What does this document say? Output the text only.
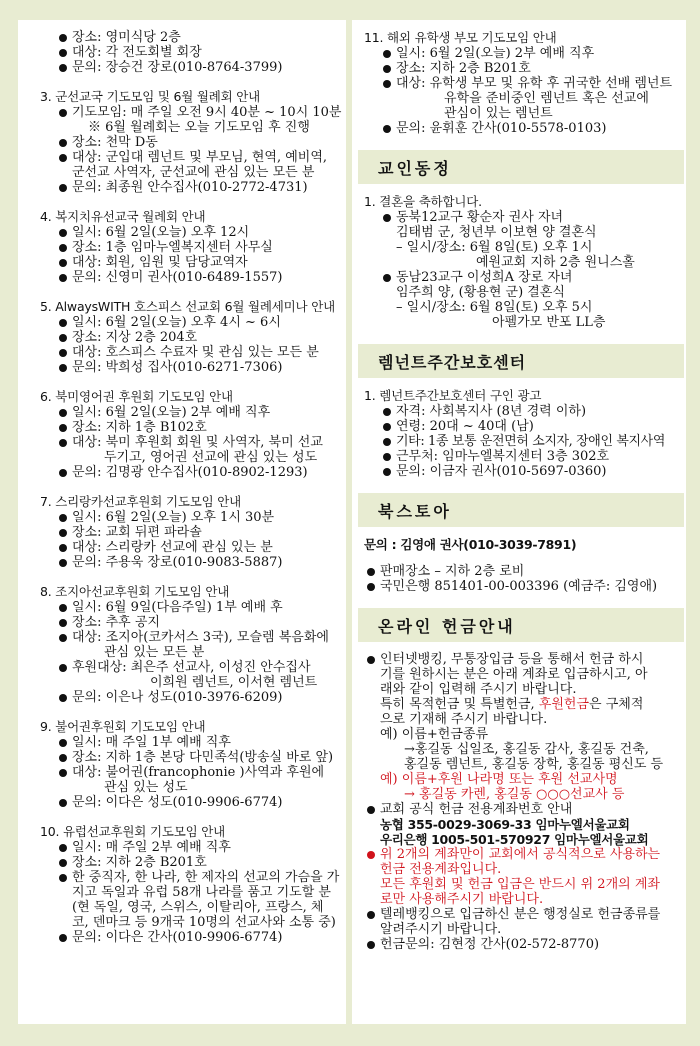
장소: 영미식당 2층
대상: 각 전도회별 회장
문의: 장승건 장로(010-8764-3799)
3. 군선교국 기도모임 및 6월 월례회 안내
기도모임: 매 주일 오전 9시 40분 ~ 10시 10분
※ 6월 월례회는 오늘 기도모임 후 진행
장소: 천막 D동
대상: 군입대 렘넌트 및 부모님, 현역, 예비역,
군선교 사역자, 군선교에 관심 있는 모든 분
문의: 최종원 안수집사(010-2772-4731)
4. 복지치유선교국 월례회 안내
일시: 6월 2일(오늘) 오후 12시
장소: 1층 임마누엘복지센터 사무실
대상: 회원, 임원 및 담당교역자
문의: 신영미 권사(010-6489-1557)
5. AlwaysWITH 호스피스 선교회 6월 월례세미나 안내
일시: 6월 2일(오늘) 오후 4시 ~ 6시
장소: 지상 2층 204호
대상: 호스피스 수료자 및 관심 있는 모든 분
문의: 박희성 집사(010-6271-7306)
6. 북미영어권 후원회 기도모임 안내
일시: 6월 2일(오늘) 2부 예배 직후
장소: 지하 1층 B102호
대상: 북미 후원회 회원 및 사역자, 북미 선교
두기고, 영어권 선교에 관심 있는 성도
문의: 김명광 안수집사(010-8902-1293)
7. 스리랑카선교후원회 기도모임 안내
일시: 6월 2일(오늘) 오후 1시 30분
장소: 교회 뒤편 파라솔
대상: 스리랑카 선교에 관심 있는 분
문의: 주용욱 장로(010-9083-5887)
8. 조지아선교후원회 기도모임 안내
일시: 6월 9일(다음주일) 1부 예배 후
장소: 추후 공지
대상: 조지아(코카서스 3국), 모슬렘 복음화에
관심 있는 모든 분
후원대상: 최은주 선교사, 이성진 안수집사
이희원 렘넌트, 이서현 렘넌트
문의: 이은나 성도(010-3976-6209)
9. 불어권후원회 기도모임 안내
일시: 매 주일 1부 예배 직후
장소: 지하 1층 본당 다민족석(방송실 바로 앞)
대상: 불어권(francophonie )사역과 후원에
관심 있는 성도
문의: 이다은 성도(010-9906-6774)
10. 유럽선교후원회 기도모임 안내
일시: 매 주일 2부 예배 직후
장소: 지하 2층 B201호
한 중직자, 한 나라, 한 제자의 선교의 가슴을 가
지고 독일과 유럽 58개 나라를 품고 기도할 분
(현 독일, 영국, 스위스, 이탈리아, 프랑스, 체
코, 덴마크 등 9개국 10명의 선교사와 소통 중)
문의: 이다은 간사(010-9906-6774)
11. 해외 유학생 부모 기도모임 안내
일시: 6월 2일(오늘) 2부 예배 직후
장소: 지하 2층 B201호
대상: 유학생 부모 및 유학 후 귀국한 선배 렘넌트
유학을 준비중인 렘넌트 혹은 선교에
관심이 있는 렘넌트
문의: 윤휘훈 간사(010-5578-0103)
교인동정
1. 결혼을 축하합니다.
동북12교구 황순자 권사 자녀
김태범 군, 청년부 이보현 양 결혼식
– 일시/장소: 6월 8일(토) 오후 1시
예원교회 지하 2층 원니스홀
동남23교구 이성희A 장로 자녀
임주희 양, (황용현 군) 결혼식
– 일시/장소: 6월 8일(토) 오후 5시
아펠가모 반포 LL층
렘넌트주간보호센터
1. 렘넌트주간보호센터 구인 광고
자격: 사회복지사 (8년 경력 이하)
연령: 20대 ~ 40대 (남)
기타: 1종 보통 운전면허 소지자, 장애인 복지사역
근무처: 임마누엘복지센터 3층 302호
문의: 이금자 권사(010-5697-0360)
북스토아
문의 : 김영애 권사(010-3039-7891)
판매장소 – 지하 2층 로비
국민은행 851401-00-003396 (예금주: 김영애)
온라인 헌금안내
인터넷뱅킹, 무통장입금 등을 통해서 헌금 하시
기를 원하시는 분은 아래 계좌로 입금하시고, 아
래와 같이 입력해 주시기 바랍니다.
특히 목적헌금 및 특별헌금, 후원헌금은 구체적
으로 기재해 주시기 바랍니다.
예) 이름+헌금종류
→홍길동 십일조, 홍길동 감사, 홍길동 건축,
홍길동 렘넌트, 홍길동 장학, 홍길동 평신도 등
예) 이름+후원 나라명 또는 후원 선교사명
→ 홍길동 카렌, 홍길동 ○○○선교사 등
교회 공식 헌금 전용계좌번호 안내
농협 355-0029-3069-33 임마누엘서울교회
우리은행 1005-501-570927 임마누엘서울교회
위 2개의 계좌만이 교회에서 공식적으로 사용하는
헌금 전용계좌입니다.
모든 후원회 및 헌금 입금은 반드시 위 2개의 계좌
로만 사용해주시기 바랍니다.
텔레뱅킹으로 입금하신 분은 행정실로 헌금종류를
알려주시기 바랍니다.
헌금문의: 김현정 간사(02-572-8770)
